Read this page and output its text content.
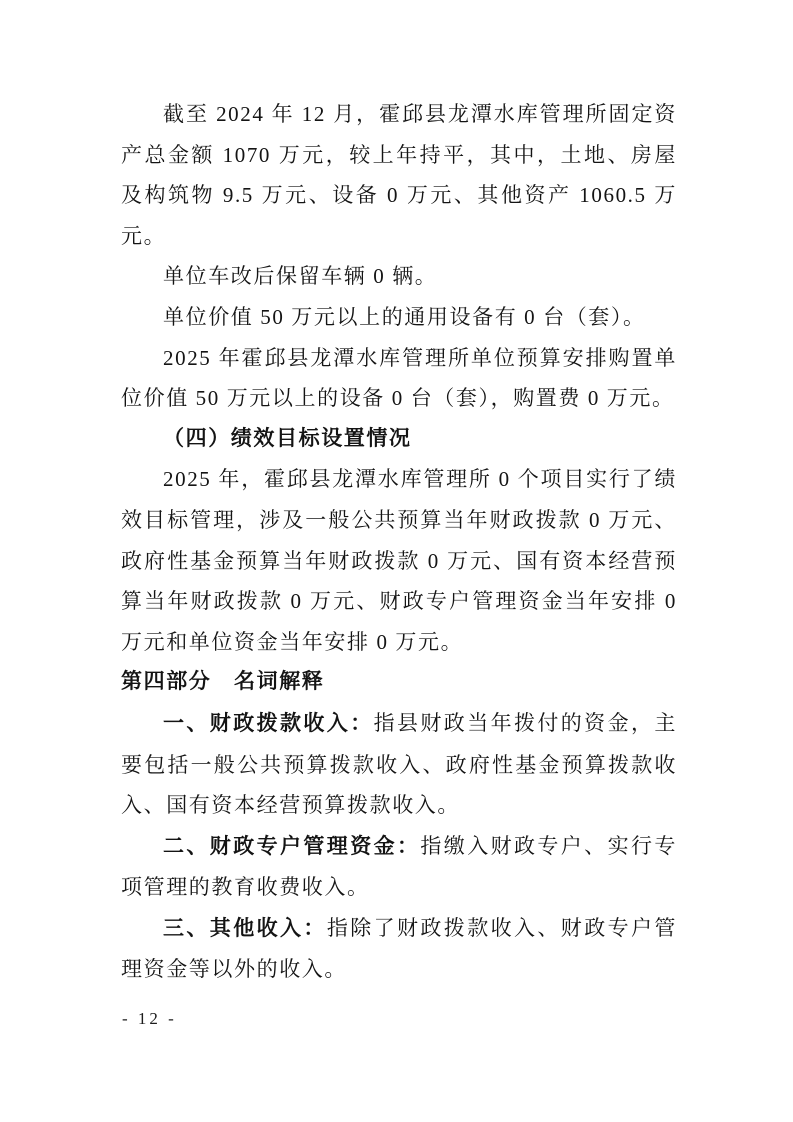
截至 2024 年 12 月，霍邱县龙潭水库管理所固定资产总金额 1070 万元，较上年持平，其中，土地、房屋及构筑物 9.5 万元、设备 0 万元、其他资产 1060.5 万元。

单位车改后保留车辆 0 辆。

单位价值 50 万元以上的通用设备有 0 台（套）。

2025 年霍邱县龙潭水库管理所单位预算安排购置单位价值 50 万元以上的设备 0 台（套），购置费 0 万元。

（四）绩效目标设置情况

2025 年，霍邱县龙潭水库管理所 0 个项目实行了绩效目标管理，涉及一般公共预算当年财政拨款 0 万元、政府性基金预算当年财政拨款 0 万元、国有资本经营预算当年财政拨款 0 万元、财政专户管理资金当年安排 0 万元和单位资金当年安排 0 万元。

第四部分　名词解释

一、财政拨款收入：指县财政当年拨付的资金，主要包括一般公共预算拨款收入、政府性基金预算拨款收入、国有资本经营预算拨款收入。

二、财政专户管理资金：指缴入财政专户、实行专项管理的教育收费收入。

三、其他收入：指除了财政拨款收入、财政专户管理资金等以外的收入。

- 12 -
